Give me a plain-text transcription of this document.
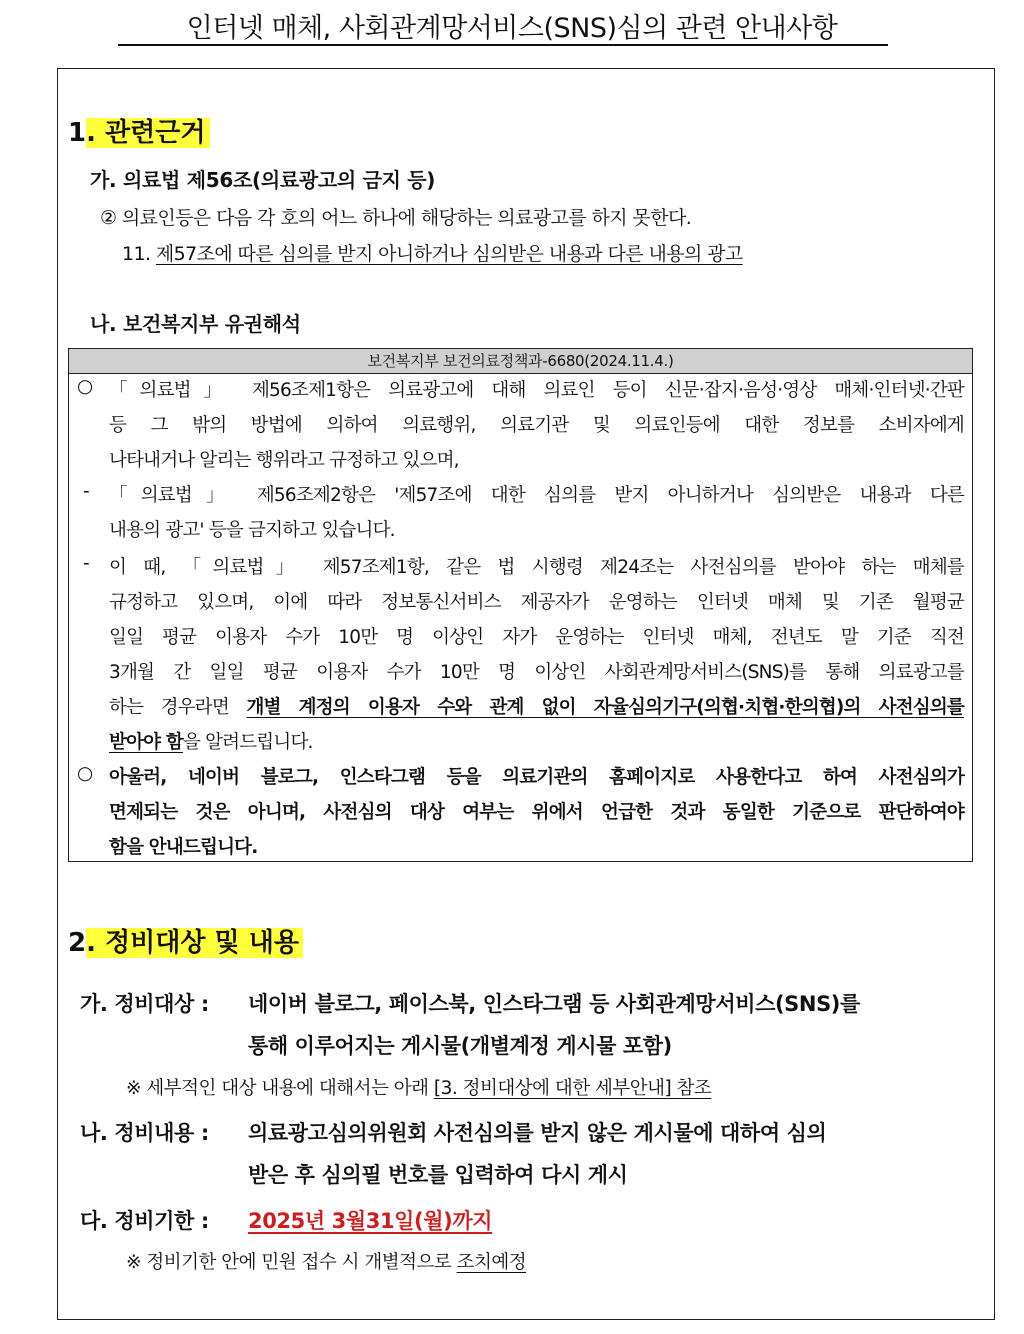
인터넷 매체, 사회관계망서비스(SNS)심의 관련 안내사항
1. 관련근거
가. 의료법 제56조(의료광고의 금지 등)
② 의료인등은 다음 각 호의 어느 하나에 해당하는 의료광고를 하지 못한다.
11. 제57조에 따른 심의를 받지 아니하거나 심의받은 내용과 다른 내용의 광고
나. 보건복지부 유권해석
보건복지부 보건의료정책과-6680(2024.11.4.)
○ 「의료법」 제56조제1항은 의료광고에 대해 의료인 등이 신문·잡지·음성·영상 매체·인터넷·간판
등 그 밖의 방법에 의하여 의료행위, 의료기관 및 의료인등에 대한 정보를 소비자에게
나타내거나 알리는 행위라고 규정하고 있으며,
- 「의료법」 제56조제2항은 '제57조에 대한 심의를 받지 아니하거나 심의받은 내용과 다른
내용의 광고' 등을 금지하고 있습니다.
- 이 때, 「의료법」 제57조제1항, 같은 법 시행령 제24조는 사전심의를 받아야 하는 매체를
규정하고 있으며, 이에 따라 정보통신서비스 제공자가 운영하는 인터넷 매체 및 기존 월평균
일일 평균 이용자 수가 10만 명 이상인 자가 운영하는 인터넷 매체, 전년도 말 기준 직전
3개월 간 일일 평균 이용자 수가 10만 명 이상인 사회관계망서비스(SNS)를 통해 의료광고를
하는 경우라면 개별 계정의 이용자 수와 관계 없이 자율심의기구(의협·치협·한의협)의 사전심의를
받아야 함을 알려드립니다.
○ 아울러, 네이버 블로그, 인스타그램 등을 의료기관의 홈페이지로 사용한다고 하여 사전심의가
면제되는 것은 아니며, 사전심의 대상 여부는 위에서 언급한 것과 동일한 기준으로 판단하여야
함을 안내드립니다.
2. 정비대상 및 내용
가. 정비대상 : 네이버 블로그, 페이스북, 인스타그램 등 사회관계망서비스(SNS)를
통해 이루어지는 게시물(개별계정 게시물 포함)
※ 세부적인 대상 내용에 대해서는 아래 [3. 정비대상에 대한 세부안내] 참조
나. 정비내용 : 의료광고심의위원회 사전심의를 받지 않은 게시물에 대하여 심의
받은 후 심의필 번호를 입력하여 다시 게시
다. 정비기한 : 2025년 3월31일(월)까지
※ 정비기한 안에 민원 접수 시 개별적으로 조치예정
